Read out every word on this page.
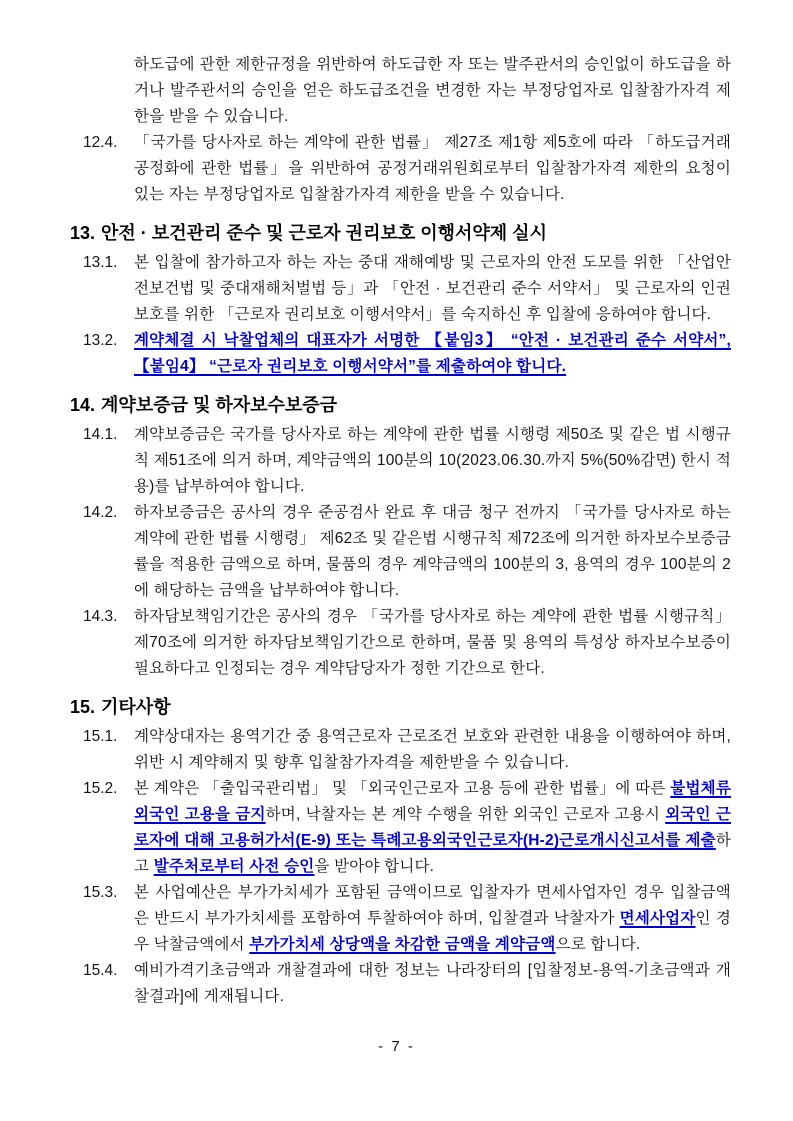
하도급에 관한 제한규정을 위반하여 하도급한 자 또는 발주관서의 승인없이 하도급을 하거나 발주관서의 승인을 얻은 하도급조건을 변경한 자는 부정당업자로 입찰참가자격 제한을 받을 수 있습니다.
12.4. 「국가를 당사자로 하는 계약에 관한 법률」 제27조 제1항 제5호에 따라 「하도급거래 공정화에 관한 법률」을 위반하여 공정거래위원회로부터 입찰참가자격 제한의 요청이 있는 자는 부정당업자로 입찰참가자격 제한을 받을 수 있습니다.
13. 안전 · 보건관리 준수 및 근로자 권리보호 이행서약제 실시
13.1. 본 입찰에 참가하고자 하는 자는 중대 재해예방 및 근로자의 안전 도모를 위한 「산업안전보건법 및 중대재해처벌법 등」과 「안전 · 보건관리 준수 서약서」 및 근로자의 인권 보호를 위한 「근로자 권리보호 이행서약서」를 숙지하신 후 입찰에 응하여야 합니다.
13.2. 계약체결 시 낙찰업체의 대표자가 서명한 【붙임3】 “안전 · 보건관리 준수 서약서”, 【붙임4】 “근로자 권리보호 이행서약서”를 제출하여야 합니다.
14. 계약보증금 및 하자보수보증금
14.1. 계약보증금은 국가를 당사자로 하는 계약에 관한 법률 시행령 제50조 및 같은 법 시행규칙 제51조에 의거 하며, 계약금액의 100분의 10(2023.06.30.까지 5%(50%감면) 한시 적용)를 납부하여야 합니다.
14.2. 하자보증금은 공사의 경우 준공검사 완료 후 대금 청구 전까지 「국가를 당사자로 하는 계약에 관한 법률 시행령」 제62조 및 같은법 시행규칙 제72조에 의거한 하자보수보증금률을 적용한 금액으로 하며, 물품의 경우 계약금액의 100분의 3, 용역의 경우 100분의 2에 해당하는 금액을 납부하여야 합니다.
14.3. 하자담보책임기간은 공사의 경우 「국가를 당사자로 하는 계약에 관한 법률 시행규칙」 제70조에 의거한 하자담보책임기간으로 한하며, 물품 및 용역의 특성상 하자보수보증이 필요하다고 인정되는 경우 계약담당자가 정한 기간으로 한다.
15. 기타사항
15.1. 계약상대자는 용역기간 중 용역근로자 근로조건 보호와 관련한 내용을 이행하여야 하며, 위반 시 계약해지 및 향후 입찰참가자격을 제한받을 수 있습니다.
15.2. 본 계약은 「출입국관리법」 및 「외국인근로자 고용 등에 관한 법률」에 따른 불법체류 외국인 고용을 금지하며, 낙찰자는 본 계약 수행을 위한 외국인 근로자 고용시 외국인 근로자에 대해 고용허가서(E-9) 또는 특례고용외국인근로자(H-2)근로개시신고서를 제출하고 발주처로부터 사전 승인을 받아야 합니다.
15.3. 본 사업예산은 부가가치세가 포함된 금액이므로 입찰자가 면세사업자인 경우 입찰금액은 반드시 부가가치세를 포함하여 투찰하여야 하며, 입찰결과 낙찰자가 면세사업자인 경우 낙찰금액에서 부가가치세 상당액을 차감한 금액을 계약금액으로 합니다.
15.4. 예비가격기초금액과 개찰결과에 대한 정보는 나라장터의 [입찰정보-용역-기초금액과 개찰결과]에 게재됩니다.
- 7 -
